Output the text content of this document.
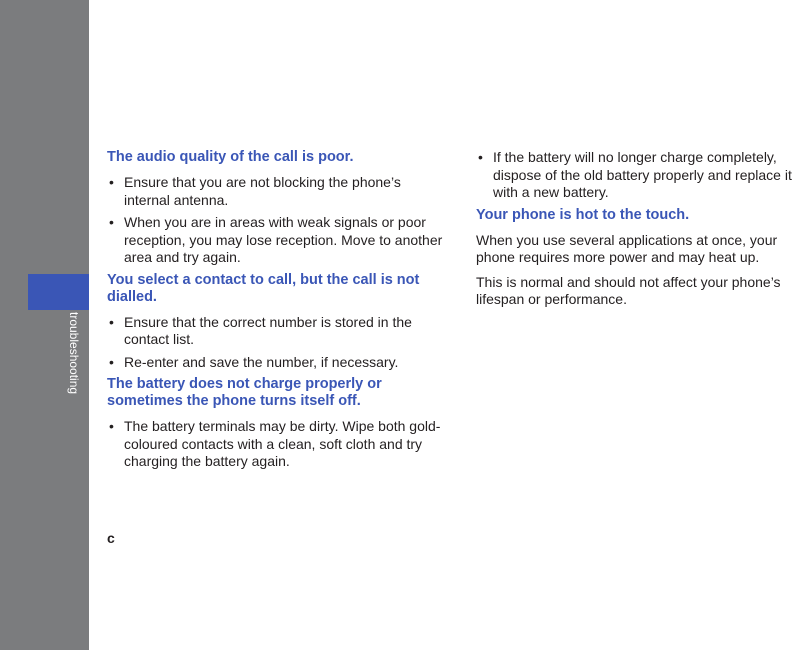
troubleshooting
The audio quality of the call is poor.
• Ensure that you are not blocking the phone’s internal antenna.
• When you are in areas with weak signals or poor reception, you may lose reception. Move to another area and try again.
You select a contact to call, but the call is not dialled.
• Ensure that the correct number is stored in the contact list.
• Re-enter and save the number, if necessary.
The battery does not charge properly or sometimes the phone turns itself off.
• The battery terminals may be dirty. Wipe both gold-coloured contacts with a clean, soft cloth and try charging the battery again.
• If the battery will no longer charge completely, dispose of the old battery properly and replace it with a new battery.
Your phone is hot to the touch.

When you use several applications at once, your phone requires more power and may heat up.

This is normal and should not affect your phone’s lifespan or performance.

c
